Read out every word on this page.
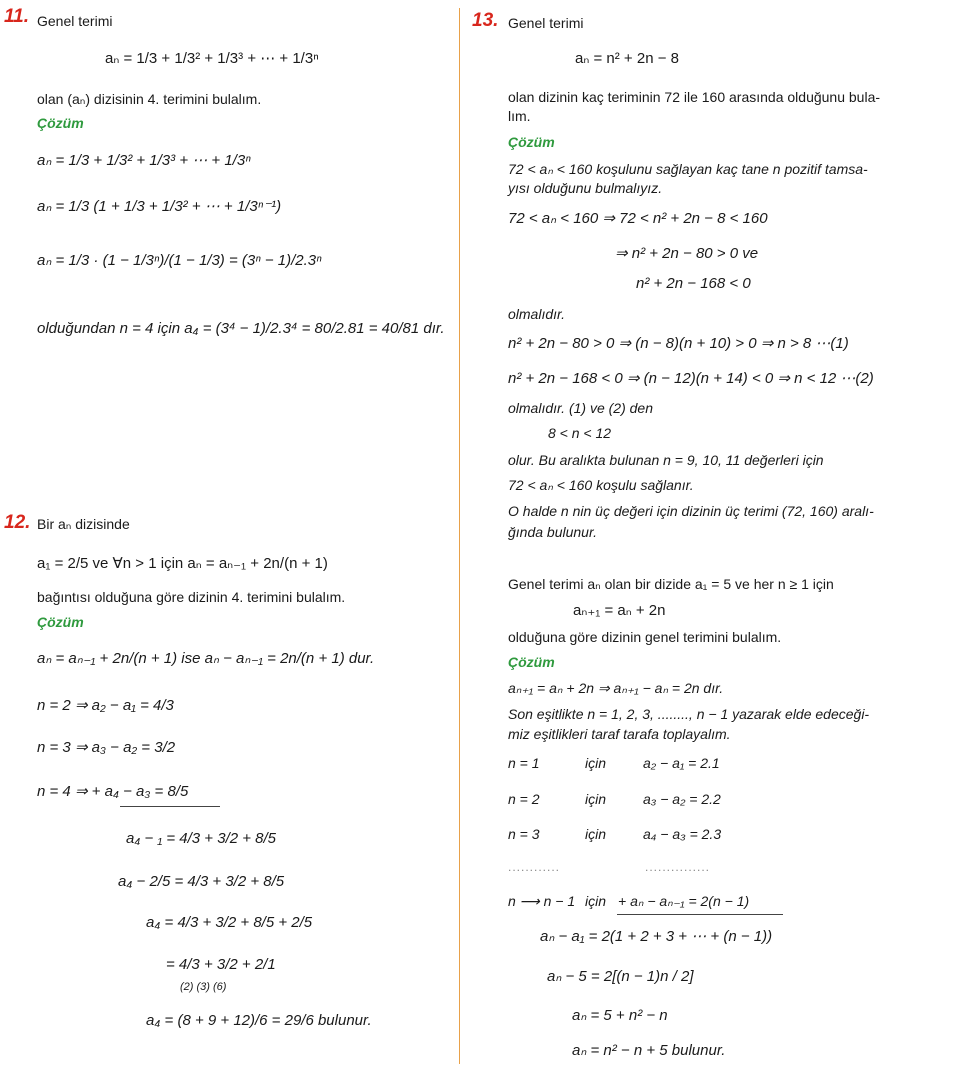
11. Genel terimi
aₙ = 1/3 + 1/3² + 1/3³ + ⋯ + 1/3ⁿ
olan (aₙ) dizisinin 4. terimini bulalım.
Çözüm
aₙ = 1/3 + 1/3² + 1/3³ + ⋯ + 1/3ⁿ
aₙ = 1/3 (1 + 1/3 + 1/3² + ⋯ + 1/3ⁿ⁻¹)
aₙ = 1/3 · (1 − 1/3ⁿ)/(1 − 1/3) = (3ⁿ − 1)/2.3ⁿ
olduğundan n = 4 için a₄ = (3⁴ − 1)/2.3⁴ = 80/2.81 = 40/81 dır.
12. Bir aₙ dizisinde
a₁ = 2/5 ve ∀n > 1 için aₙ = aₙ₋₁ + 2n/(n + 1)
bağıntısı olduğuna göre dizinin 4. terimini bulalım.
Çözüm
aₙ = aₙ₋₁ + 2n/(n + 1) ise aₙ − aₙ₋₁ = 2n/(n + 1) dur.
n = 2 ⇒ a₂ − a₁ = 4/3
n = 3 ⇒ a₃ − a₂ = 3/2
n = 4 ⇒ + a₄ − a₃ = 8/5
a₄ − ₁ = 4/3 + 3/2 + 8/5
a₄ − 2/5 = 4/3 + 3/2 + 8/5
a₄ = 4/3 + 3/2 + 8/5 + 2/5
= 4/3 + 3/2 + 2/1
(2) (3) (6)
a₄ = (8 + 9 + 12)/6 = 29/6 bulunur.
13. Genel terimi
aₙ = n² + 2n − 8
olan dizinin kaç teriminin 72 ile 160 arasında olduğunu bula-
lım.
Çözüm
72 < aₙ < 160 koşulunu sağlayan kaç tane n pozitif tamsa-
yısı olduğunu bulmalıyız.
72 < aₙ < 160 ⇒ 72 < n² + 2n − 8 < 160
⇒ n² + 2n − 80 > 0 ve
n² + 2n − 168 < 0
olmalıdır.
n² + 2n − 80 > 0 ⇒ (n − 8)(n + 10) > 0 ⇒ n > 8 ⋯(1)
n² + 2n − 168 < 0 ⇒ (n − 12)(n + 14) < 0 ⇒ n < 12 ⋯(2)
olmalıdır. (1) ve (2) den
8 < n < 12
olur. Bu aralıkta bulunan n = 9, 10, 11 değerleri için
72 < aₙ < 160 koşulu sağlanır.
O halde n nin üç değeri için dizinin üç terimi (72, 160) aralı-
ğında bulunur.
Genel terimi aₙ olan bir dizide a₁ = 5 ve her n ≥ 1 için
aₙ₊₁ = aₙ + 2n
olduğuna göre dizinin genel terimini bulalım.
Çözüm
aₙ₊₁ = aₙ + 2n ⇒ aₙ₊₁ − aₙ = 2n dır.
Son eşitlikte n = 1, 2, 3, ........, n − 1 yazarak elde edeceği-
miz eşitlikleri taraf tarafa toplayalım.
n = 1	için	a₂ − a₁ = 2.1
n = 2	için	a₃ − a₂ = 2.2
n = 3	için	a₄ − a₃ = 2.3
............	...............
n ⟶ n − 1 için + aₙ − aₙ₋₁ = 2(n − 1)
aₙ − a₁ = 2(1 + 2 + 3 + ⋯ + (n − 1))
aₙ − 5 = 2[(n − 1)n / 2]
aₙ = 5 + n² − n
aₙ = n² − n + 5 bulunur.
